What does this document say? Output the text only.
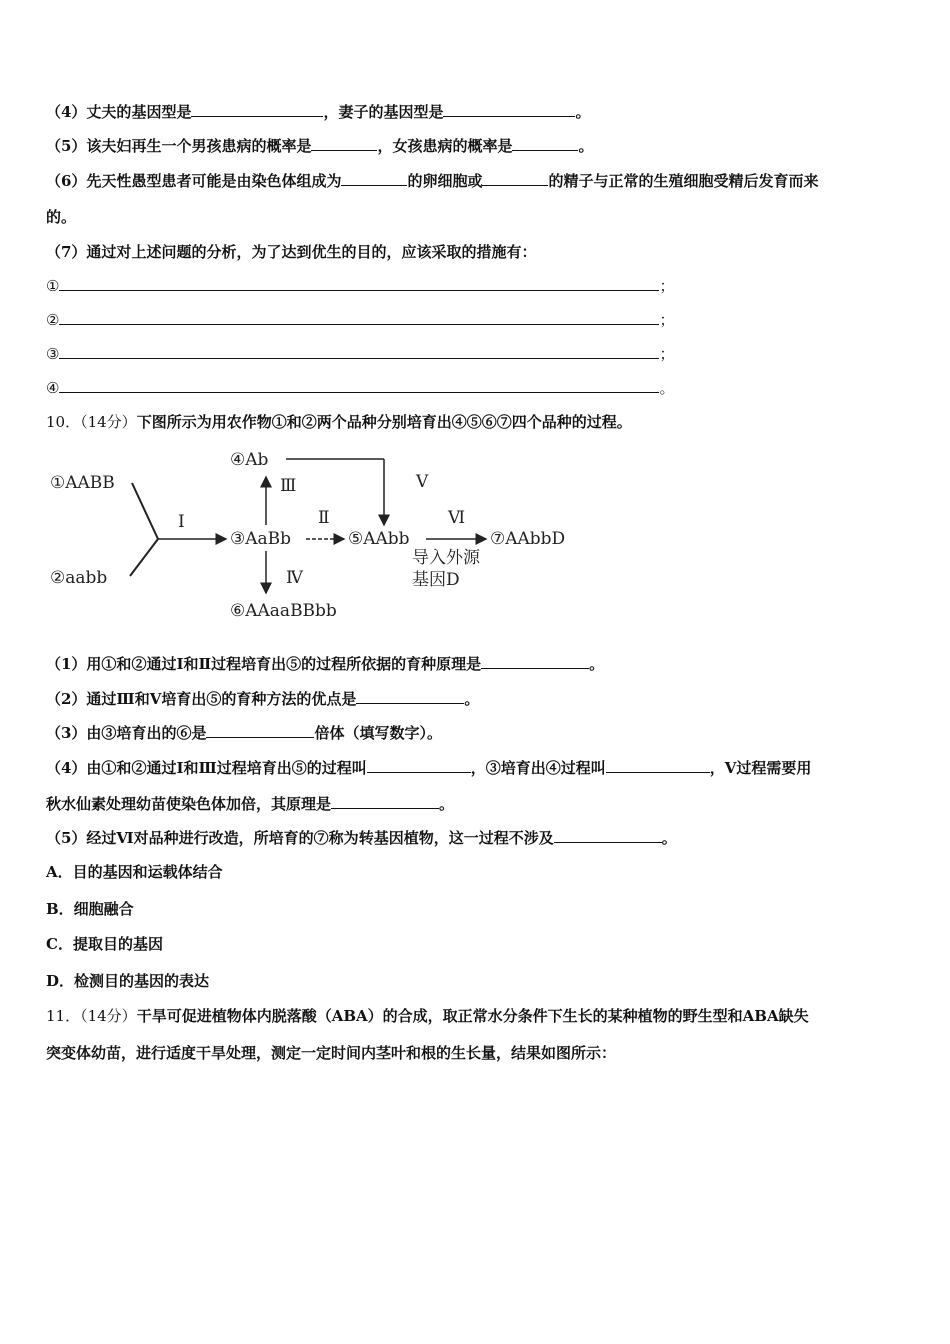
（4）丈夫的基因型是	，妻子的基因型是	。
（5）该夫妇再生一个男孩患病的概率是	，女孩患病的概率是	。
（6）先天性愚型患者可能是由染色体组成为	的卵细胞或	的精子与正常的生殖细胞受精后发育而来
的。
（7）通过对上述问题的分析，为了达到优生的目的，应该采取的措施有：
①	；
②	；
③	；
④	。
10．（14分）下图所示为用农作物①和②两个品种分别培育出④⑤⑥⑦四个品种的过程。
①AABB
②aabb
Ⅰ
③AaBb
④Ab
Ⅲ
Ⅳ
⑥AAaaBBbb
Ⅱ
⑤AAbb
Ⅴ
Ⅵ
⑦AAbbD
导入外源
基因D
（1）用①和②通过Ⅰ和Ⅱ过程培育出⑤的过程所依据的育种原理是	。
（2）通过Ⅲ和Ⅴ培育出⑤的育种方法的优点是	。
（3）由③培育出的⑥是	倍体（填写数字）。
（4）由①和②通过Ⅰ和Ⅲ过程培育出⑤的过程叫	，③培育出④过程叫	，Ⅴ过程需要用
秋水仙素处理幼苗使染色体加倍，其原理是	。
（5）经过Ⅵ对品种进行改造，所培育的⑦称为转基因植物，这一过程不涉及	。
A．目的基因和运载体结合
B．细胞融合
C．提取目的基因
D．检测目的基因的表达
11．（14分）干旱可促进植物体内脱落酸（ABA）的合成，取正常水分条件下生长的某种植物的野生型和ABA缺失
突变体幼苗，进行适度干旱处理，测定一定时间内茎叶和根的生长量，结果如图所示：
